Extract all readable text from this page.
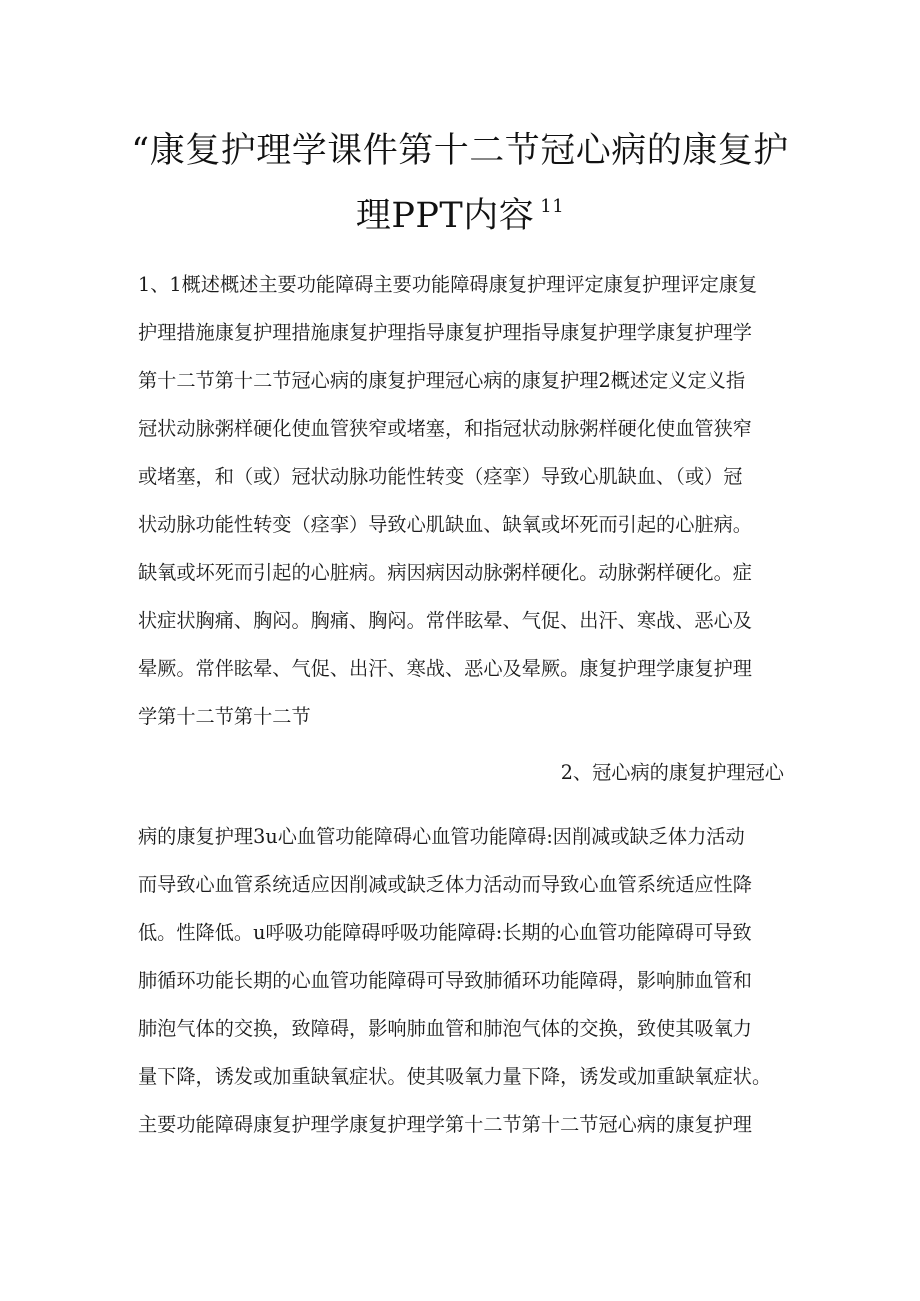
“康复护理学课件第十二节冠心病的康复护
理PPT内容 $^{11}$
1、1概述概述主要功能障碍主要功能障碍康复护理评定康复护理评定康复
护理措施康复护理措施康复护理指导康复护理指导康复护理学康复护理学
第十二节第十二节冠心病的康复护理冠心病的康复护理2概述定义定义指
冠状动脉粥样硬化使血管狭窄或堵塞，和指冠状动脉粥样硬化使血管狭窄
或堵塞，和（或）冠状动脉功能性转变（痉挛）导致心肌缺血、（或）冠
状动脉功能性转变（痉挛）导致心肌缺血、缺氧或坏死而引起的心脏病。
缺氧或坏死而引起的心脏病。病因病因动脉粥样硬化。动脉粥样硬化。症
状症状胸痛、胸闷。胸痛、胸闷。常伴眩晕、气促、出汗、寒战、恶心及
晕厥。常伴眩晕、气促、出汗、寒战、恶心及晕厥。康复护理学康复护理
学第十二节第十二节
2、冠心病的康复护理冠心
病的康复护理3u心血管功能障碍心血管功能障碍:因削减或缺乏体力活动
而导致心血管系统适应因削减或缺乏体力活动而导致心血管系统适应性降
低。性降低。u呼吸功能障碍呼吸功能障碍:长期的心血管功能障碍可导致
肺循环功能长期的心血管功能障碍可导致肺循环功能障碍，影响肺血管和
肺泡气体的交换，致障碍，影响肺血管和肺泡气体的交换，致使其吸氧力
量下降，诱发或加重缺氧症状。使其吸氧力量下降，诱发或加重缺氧症状。
主要功能障碍康复护理学康复护理学第十二节第十二节冠心病的康复护理
